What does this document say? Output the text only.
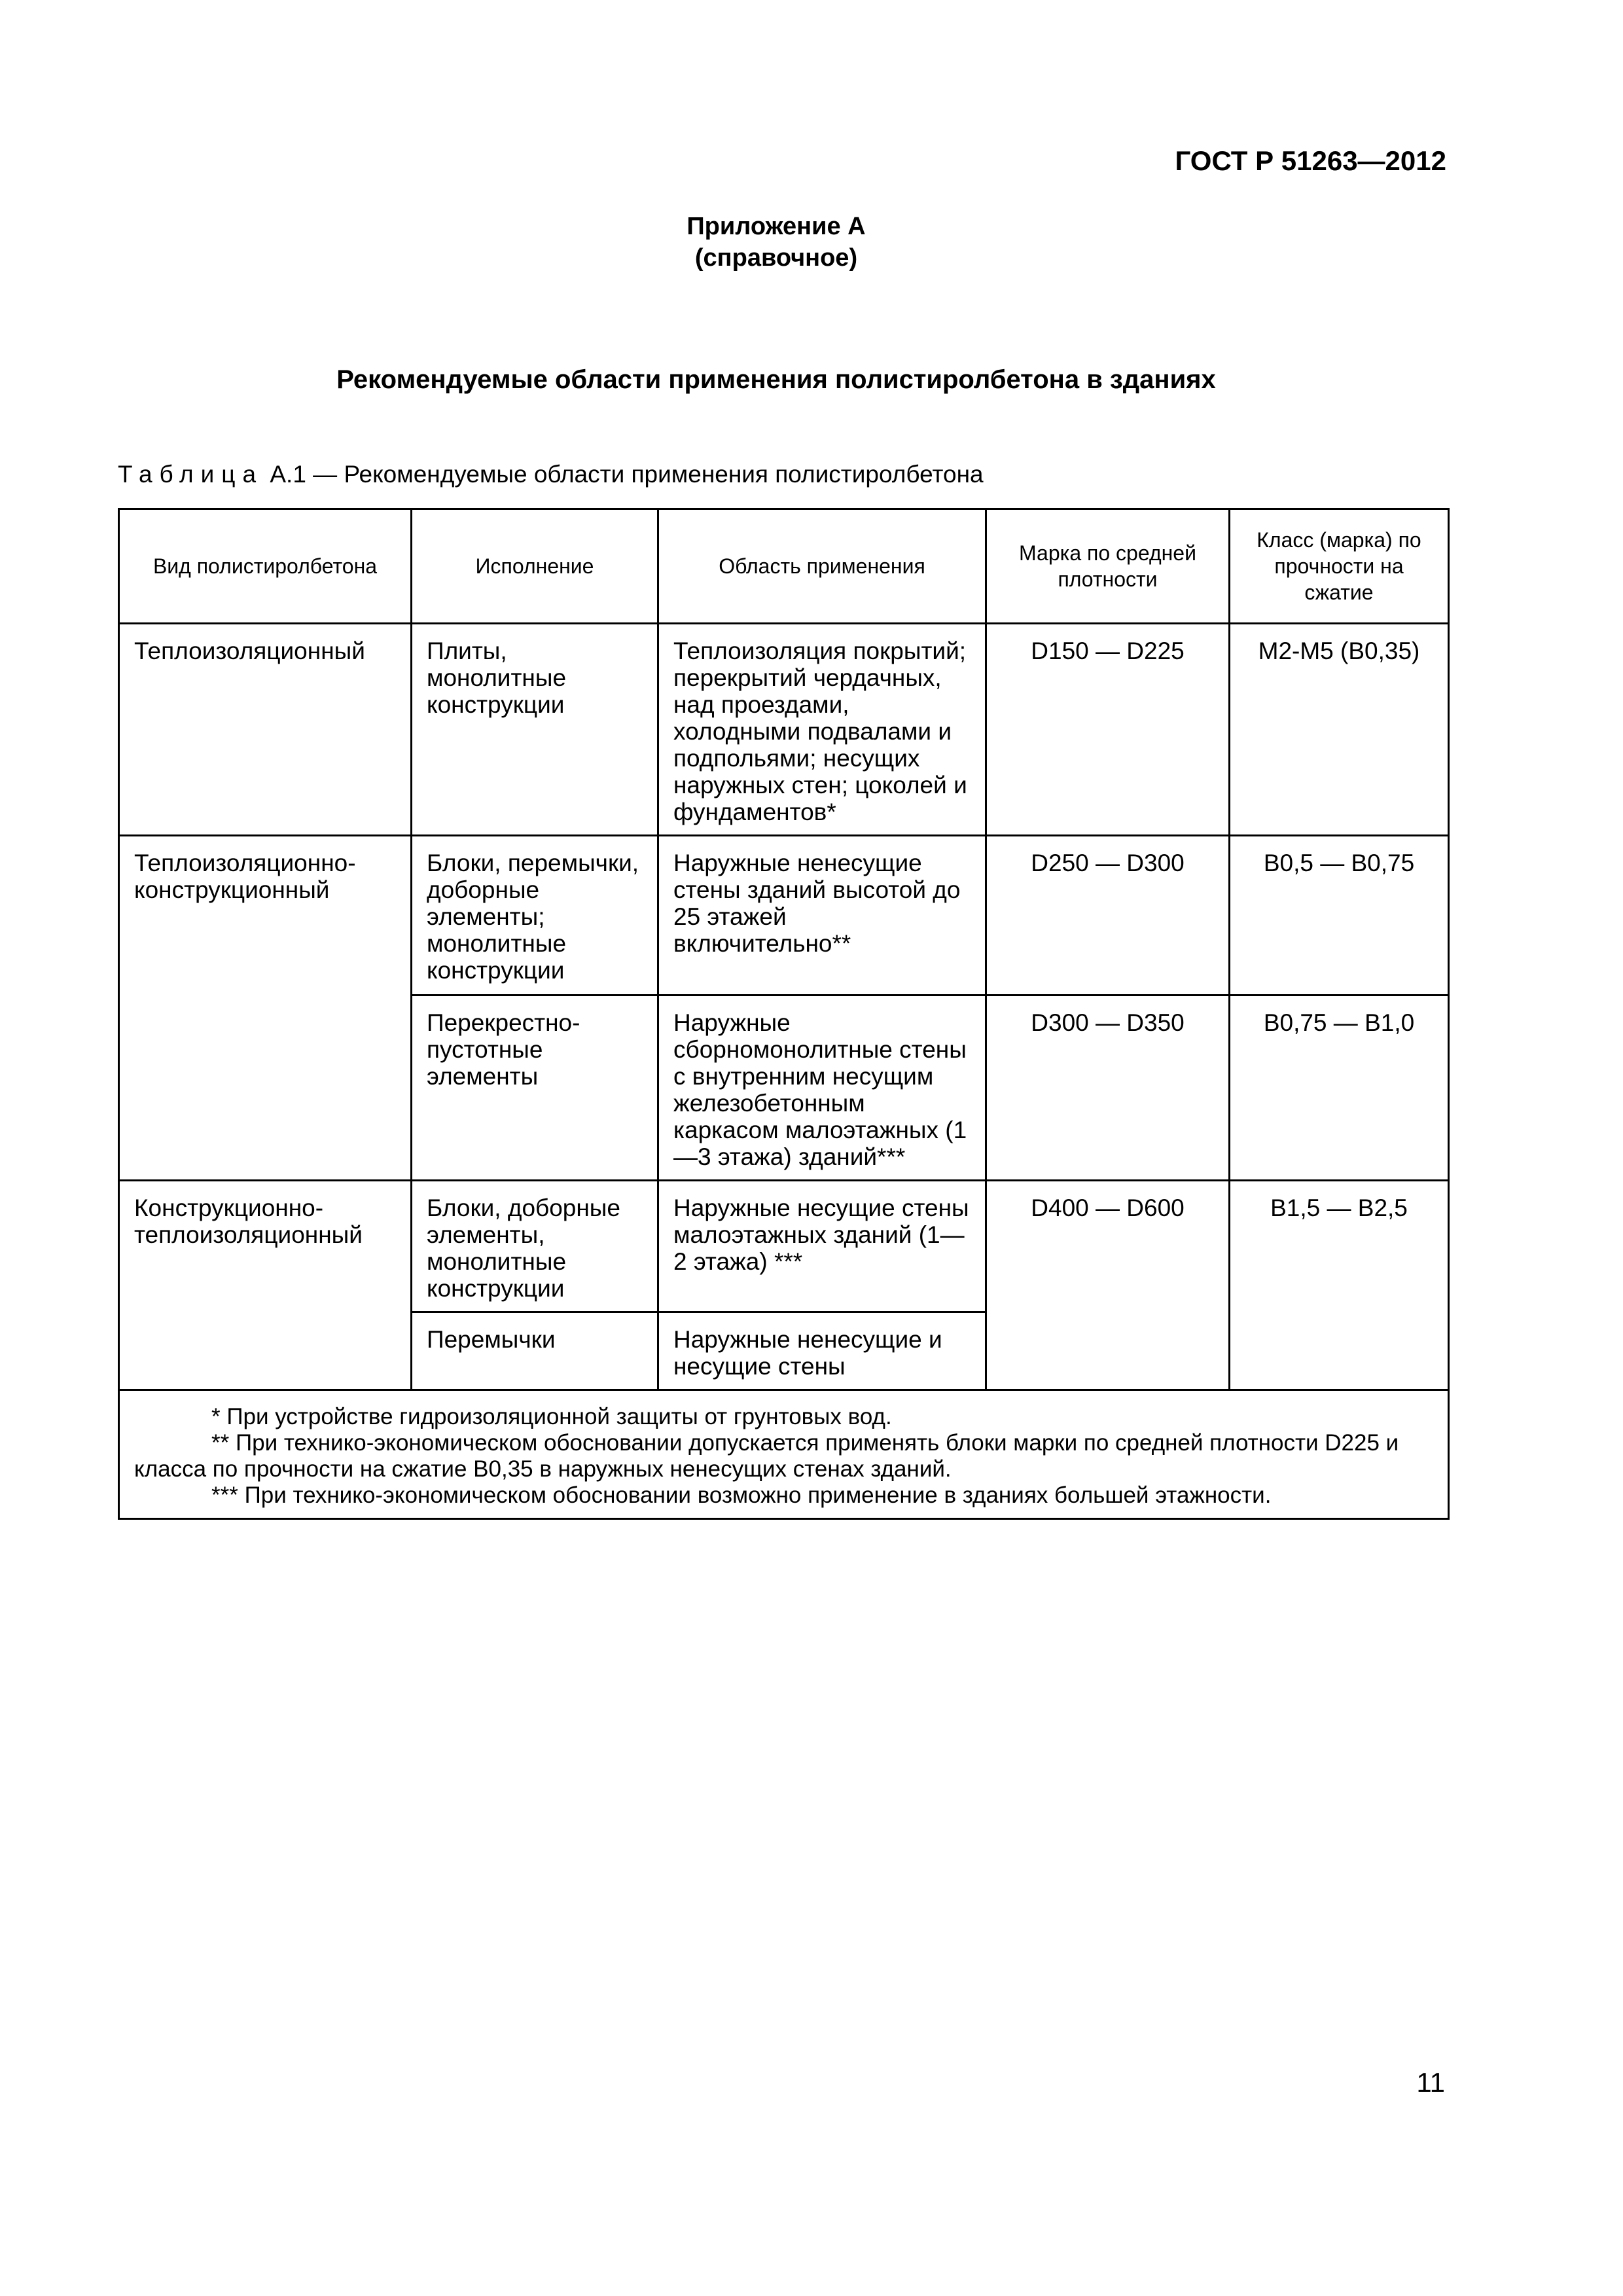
ГОСТ Р 51263—2012
Приложение А
(справочное)
Рекомендуемые области применения полистиролбетона в зданиях
Таблица А.1 — Рекомендуемые области применения полистиролбетона
Вид полистиролбетона	Исполнение	Область применения	Марка по средней плотности	Класс (марка) по прочности на сжатие
Теплоизоляционный	Плиты, монолитные конструкции	Теплоизоляция покрытий; перекрытий чердачных, над проездами, холодными подвалами и подпольями; несущих наружных стен; цоколей и фундаментов*	D150 — D225	М2-М5 (В0,35)
Теплоизоляционно-конструкционный	Блоки, перемычки, доборные элементы; монолитные конструкции	Наружные ненесущие стены зданий высотой до 25 этажей включительно**	D250 — D300	В0,5 — В0,75
	Перекрестно-пустотные элементы	Наружные сборномонолитные стены с внутренним несущим железобетонным каркасом малоэтажных (1—3 этажа) зданий***	D300 — D350	В0,75 — В1,0
Конструкционно-теплоизоляционный	Блоки, доборные элементы, монолитные конструкции	Наружные несущие стены малоэтажных зданий (1—2 этажа) ***	D400 — D600	В1,5 — В2,5
	Перемычки	Наружные ненесущие и несущие стены		

* При устройстве гидроизоляционной защиты от грунтовых вод.
** При технико-экономическом обосновании допускается применять блоки марки по средней плотности D225 и класса по прочности на сжатие В0,35 в наружных ненесущих стенах зданий.
*** При технико-экономическом обосновании возможно применение в зданиях большей этажности.				
11
